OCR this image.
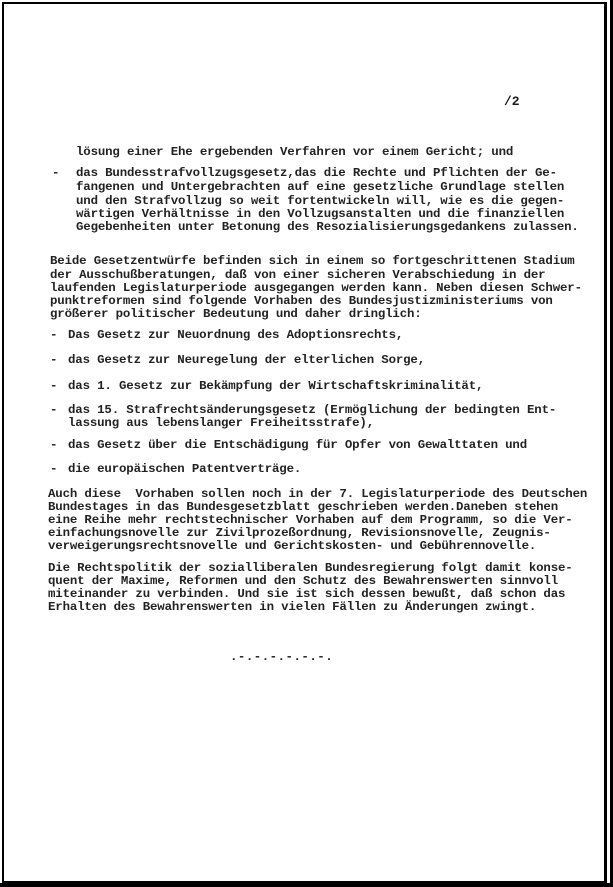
/2
lösung einer Ehe ergebenden Verfahren vor einem Gericht; und
- das Bundesstrafvollzugsgesetz,das die Rechte und Pflichten der Ge-
fangenen und Untergebrachten auf eine gesetzliche Grundlage stellen
und den Strafvollzug so weit fortentwickeln will, wie es die gegen-
wärtigen Verhältnisse in den Vollzugsanstalten und die finanziellen
Gegebenheiten unter Betonung des Resozialisierungsgedankens zulassen.
Beide Gesetzentwürfe befinden sich in einem so fortgeschrittenen Stadium
der Ausschußberatungen, daß von einer sicheren Verabschiedung in der
laufenden Legislaturperiode ausgegangen werden kann. Neben diesen Schwer-
punktreformen sind folgende Vorhaben des Bundesjustizministeriums von
größerer politischer Bedeutung und daher dringlich:
- Das Gesetz zur Neuordnung des Adoptionsrechts,
- das Gesetz zur Neuregelung der elterlichen Sorge,
- das 1. Gesetz zur Bekämpfung der Wirtschaftskriminalität,
- das 15. Strafrechtsänderungsgesetz (Ermöglichung der bedingten Ent-
lassung aus lebenslanger Freiheitsstrafe),
- das Gesetz über die Entschädigung für Opfer von Gewalttaten und
- die europäischen Patentverträge.
Auch diese  Vorhaben sollen noch in der 7. Legislaturperiode des Deutschen
Bundestages in das Bundesgesetzblatt geschrieben werden.Daneben stehen
eine Reihe mehr rechtstechnischer Vorhaben auf dem Programm, so die Ver-
einfachungsnovelle zur Zivilprozeßordnung, Revisionsnovelle, Zeugnis-
verweigerungsrechtsnovelle und Gerichtskosten- und Gebührennovelle.
Die Rechtspolitik der sozialliberalen Bundesregierung folgt damit konse-
quent der Maxime, Reformen und den Schutz des Bewahrenswerten sinnvoll
miteinander zu verbinden. Und sie ist sich dessen bewußt, daß schon das
Erhalten des Bewahrenswerten in vielen Fällen zu Änderungen zwingt.
.-.-.-.-.-.-.
